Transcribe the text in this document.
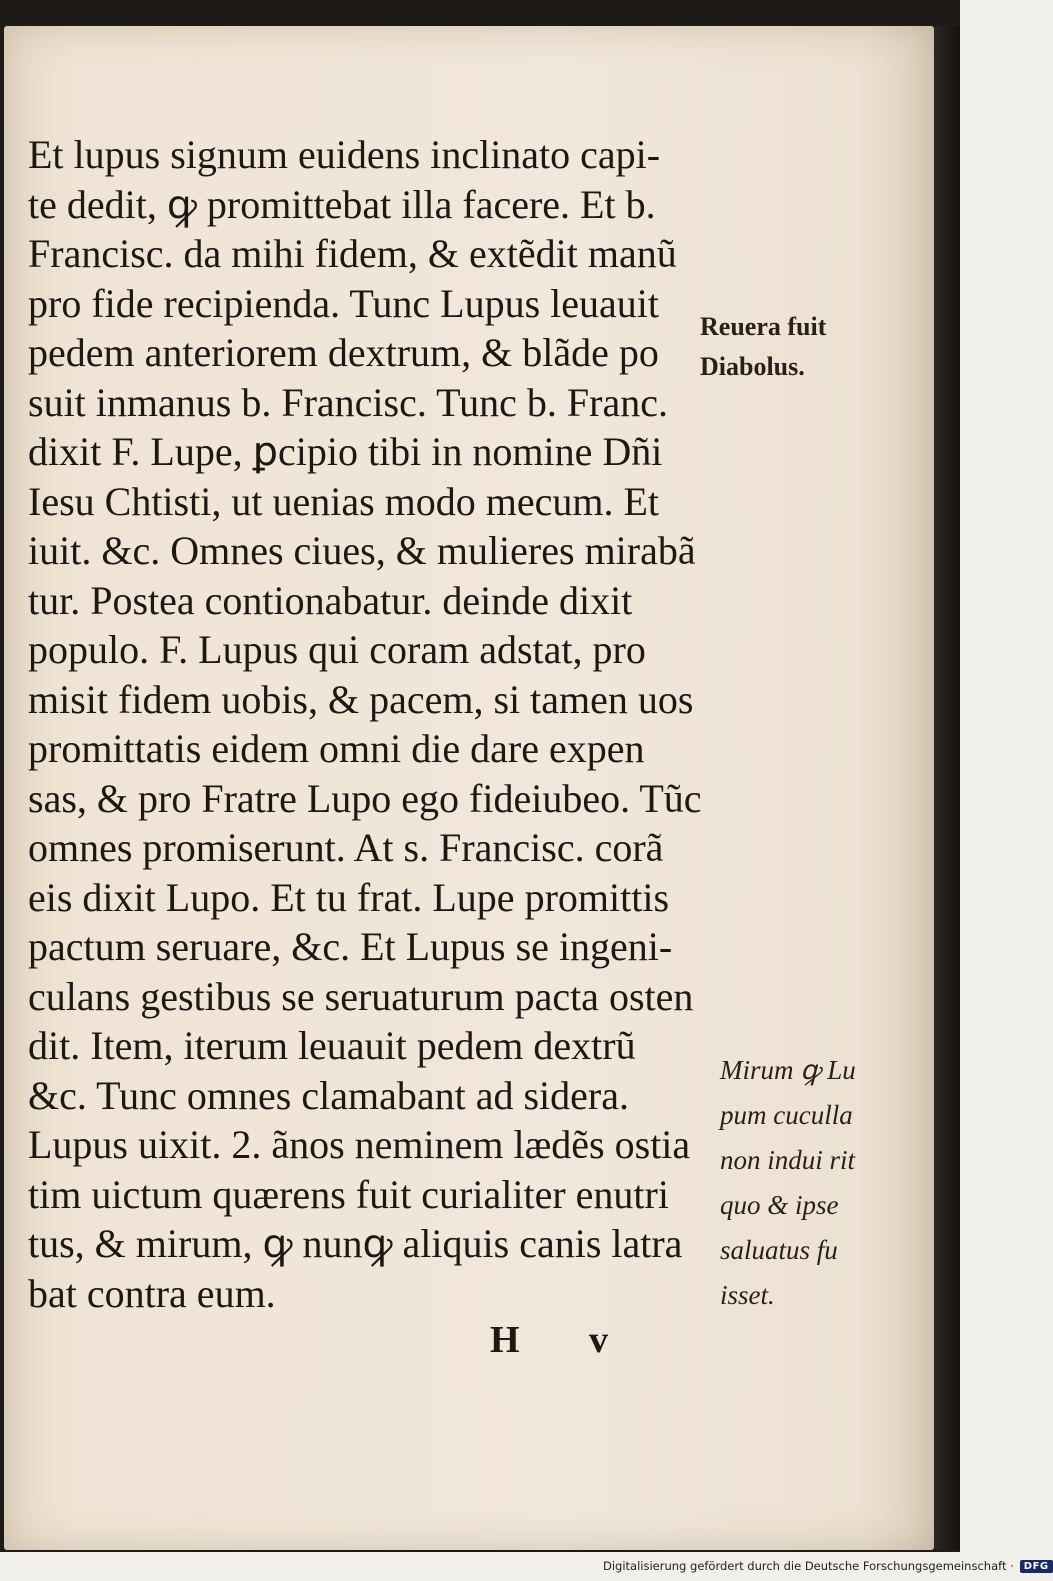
Et lupus signum euidens inclinato capi-
te dedit, ꝙ promittebat illa facere. Et b.
Francisc. da mihi fidem, & extẽdit manũ
pro fide recipienda. Tunc Lupus leuauit
pedem anteriorem dextrum, & blãde po
suit inmanus b. Francisc. Tunc b. Franc.
dixit F. Lupe, ꝑcipio tibi in nomine Dñi
Iesu Chtisti, ut uenias modo mecum. Et
iuit. &c. Omnes ciues, & mulieres mirabã
tur. Postea contionabatur. deinde dixit
populo. F. Lupus qui coram adstat, pro
misit fidem uobis, & pacem, si tamen uos
promittatis eidem omni die dare expen
sas, & pro Fratre Lupo ego fideiubeo. Tũc
omnes promiserunt. At s. Francisc. corã
eis dixit Lupo. Et tu frat. Lupe promittis
pactum seruare, &c. Et Lupus se ingeni-
culans gestibus se seruaturum pacta osten
dit. Item, iterum leuauit pedem dextrũ
&c. Tunc omnes clamabant ad sidera.
Lupus uixit. 2. ãnos neminem lædẽs ostia
tim uictum quærens fuit curialiter enutri
tus, & mirum, ꝙ nunꝙ aliquis canis latra
bat contra eum.
Reuera fuit
Diabolus.
Mirum ꝙ Lu
pum cuculla
non indui rit
quo & ipse
saluatus fu
isset.
H v
Digitalisierung gefördert durch die Deutsche Forschungsgemeinschaft ·	DFG
